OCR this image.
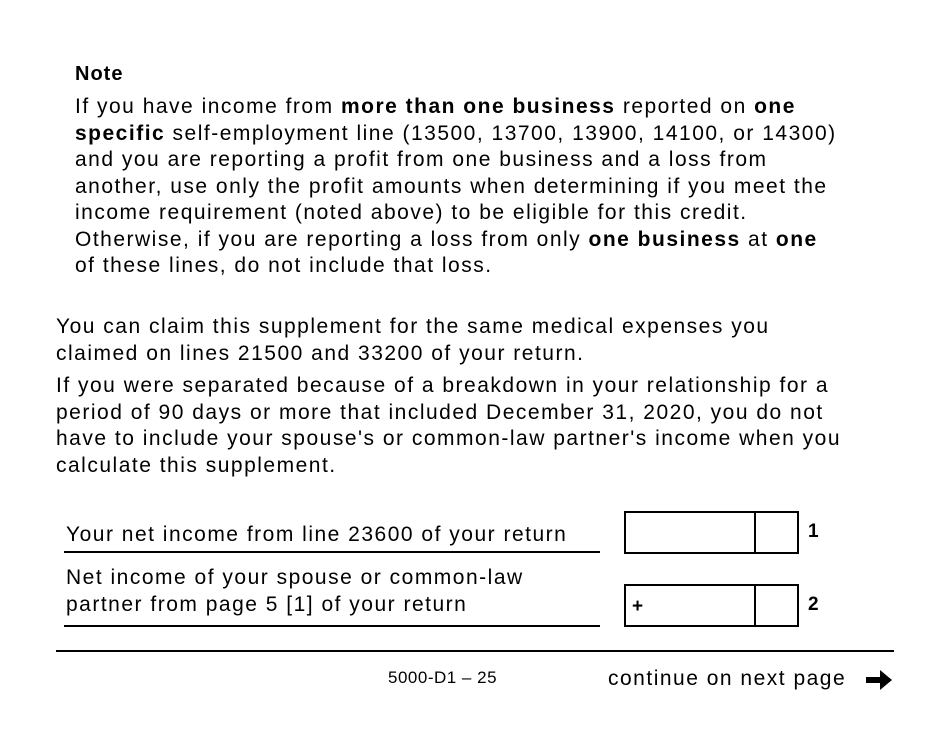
Note

If you have income from more than one business reported on one

specific self-employment line (13500, 13700, 13900, 14100, or 14300)

and you are reporting a profit from one business and a loss from

another, use only the profit amounts when determining if you meet the

income requirement (noted above) to be eligible for this credit.

Otherwise, if you are reporting a loss from only one business at one

of these lines, do not include that loss.

You can claim this supplement for the same medical expenses you
claimed on lines 21500 and 33200 of your return.
If you were separated because of a breakdown in your relationship for a
period of 90 days or more that included December 31, 2020, you do not
have to include your spouse's or common-law partner's income when you
calculate this supplement.
Your net income from line 23600 of your return	1
Net income of your spouse or common-law
partner from page 5 [1] of your return	+	2
5000-D1 – 25	continue on next page
